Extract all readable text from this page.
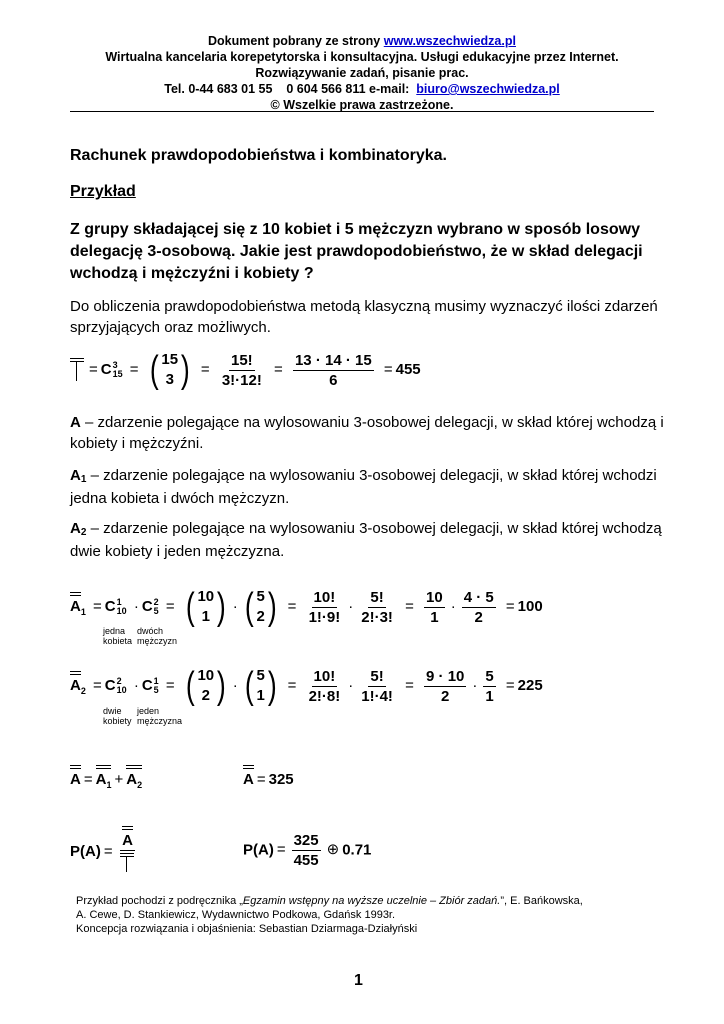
Dokument pobrany ze strony www.wszechwiedza.pl
Wirtualna kancelaria korepetytorska i konsultacyjna. Usługi edukacyjne przez Internet.
Rozwiązywanie zadań, pisanie prac.
Tel. 0-44 683 01 55    0 604 566 811 e-mail:  biuro@wszechwiedza.pl
© Wszelkie prawa zastrzeżone.
Rachunek prawdopodobieństwa i kombinatoryka.
Przykład
Z grupy składającej się z 10 kobiet i 5 mężczyzn wybrano w sposób losowy delegację 3-osobową. Jakie jest prawdopodobieństwo, że w skład delegacji wchodzą i mężczyźni i kobiety ?
Do obliczenia prawdopodobieństwa metodą klasyczną musimy wyznaczyć ilości zdarzeń sprzyjających oraz możliwych.
= C 3
15 = ( 15
3 ) = $\frac{15!}{3!\cdot 12!} = \frac{13 \cdot 14 \cdot 15}{6} = 455$
A – zdarzenie polegające na wylosowaniu 3-osobowej delegacji, w skład której wchodzą i kobiety i mężczyźni.
A1 – zdarzenie polegające na wylosowaniu 3-osobowej delegacji, w skład której wchodzi jedna kobieta i dwóch mężczyzn.
A2 – zdarzenie polegające na wylosowaniu 3-osobowej delegacji, w skład której wchodzą dwie kobiety i jeden mężczyzna.
$A_1 = C$ 1
10 · C 2
5 = ( 10
1 ) · ( 5
2 ) = $\frac{10!}{1!\cdot 9!} \cdot \frac{5!}{2!\cdot 3!} = \frac{10}{1} \cdot \frac{4 \cdot 5}{2} = 100$
jedna
kobieta
dwóch
mężczyzn
$A_2 = C$ 2
10 · C 1
5 = ( 10
2 ) · ( 5
1 ) = $\frac{10!}{2!\cdot 8!} \cdot \frac{5!}{1!\cdot 4!} = \frac{9 \cdot 10}{2} \cdot \frac{5}{1} = 225$
dwie
kobiety
jeden
mężczyzna
$A = A_1 + A_2$	A = 325
P(A) =
A
$P(A) = \frac{325}{455}$ ⊕ 0.71
Przykład pochodzi z podręcznika „Egzamin wstępny na wyższe uczelnie – Zbiór zadań.”, E. Bańkowska,
A. Cewe, D. Stankiewicz, Wydawnictwo Podkowa, Gdańsk 1993r.
Koncepcja rozwiązania i objaśnienia: Sebastian Dziarmaga-Działyński
1
